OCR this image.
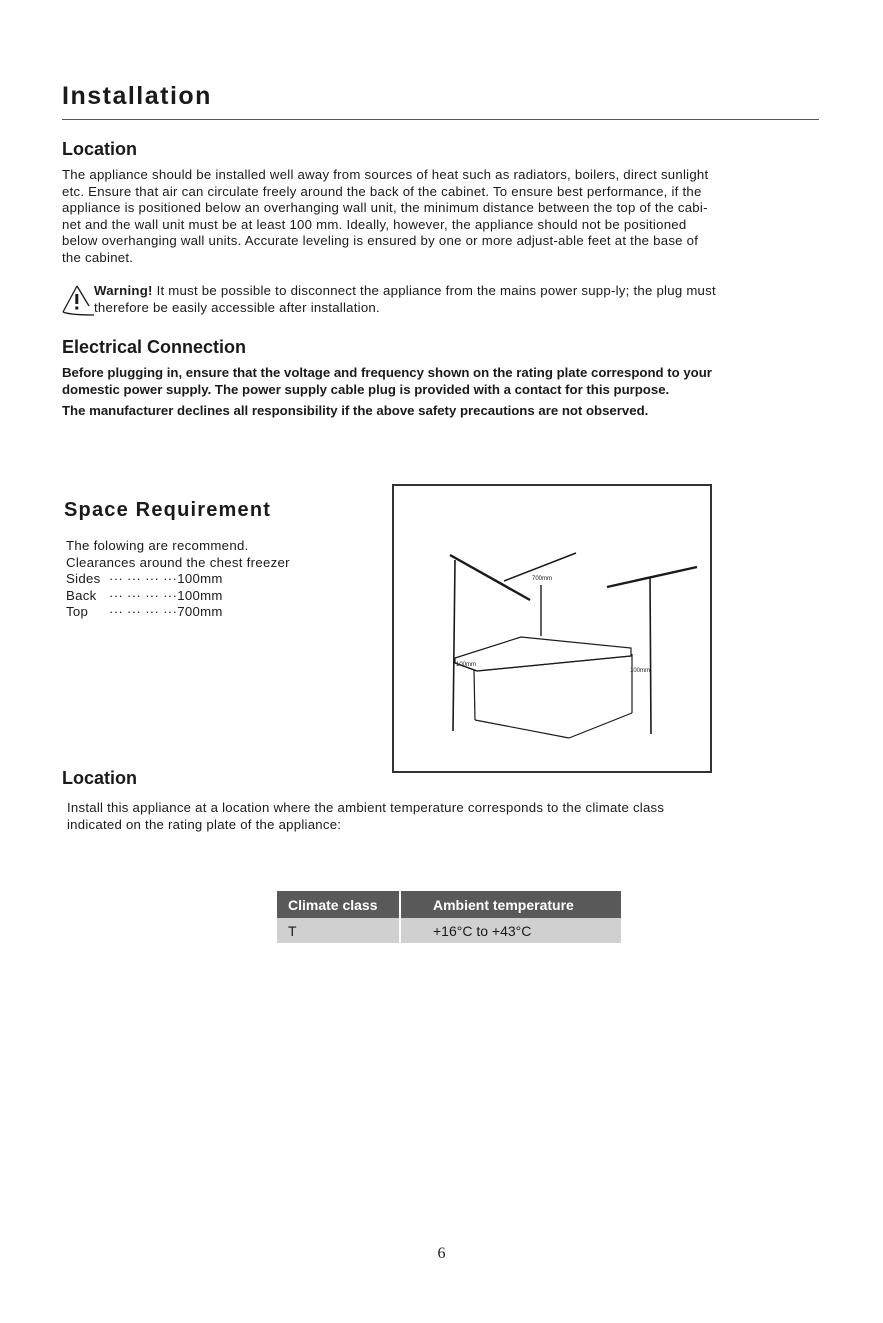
Installation
Location

The appliance should be installed well away from sources of heat such as radiators, boilers, direct sunlight

etc. Ensure that air can circulate freely around the back of the cabinet. To ensure best performance, if the

appliance is positioned below an overhanging wall unit, the minimum distance between the top of the cabi-

net and the wall unit must be at least 100 mm. Ideally, however, the appliance should not be positioned

below overhanging wall units. Accurate leveling is ensured by one or more adjust-able feet at the base of

the cabinet.

Warning! It must be possible to disconnect the appliance from the mains power supp-ly; the plug must
therefore be easily accessible after installation.
Electrical Connection

Before plugging in, ensure that the voltage and frequency shown on the rating plate correspond to your

domestic power supply. The power supply cable plug is provided with a contact for this purpose.

The manufacturer declines all responsibility if the above safety precautions are not observed.

Space Requirement
The folowing are recommend.
Clearances around the chest freezer
Sides ··· ··· ··· ···100mm
Back ··· ··· ··· ···100mm
Top ··· ··· ··· ···700mm
700mm
100mm
100mm
Location

Install this appliance at a location where the ambient temperature corresponds to the climate class

indicated on the rating plate of the appliance:

Climate class	Ambient temperature
T	+16°C to +43°C
6
